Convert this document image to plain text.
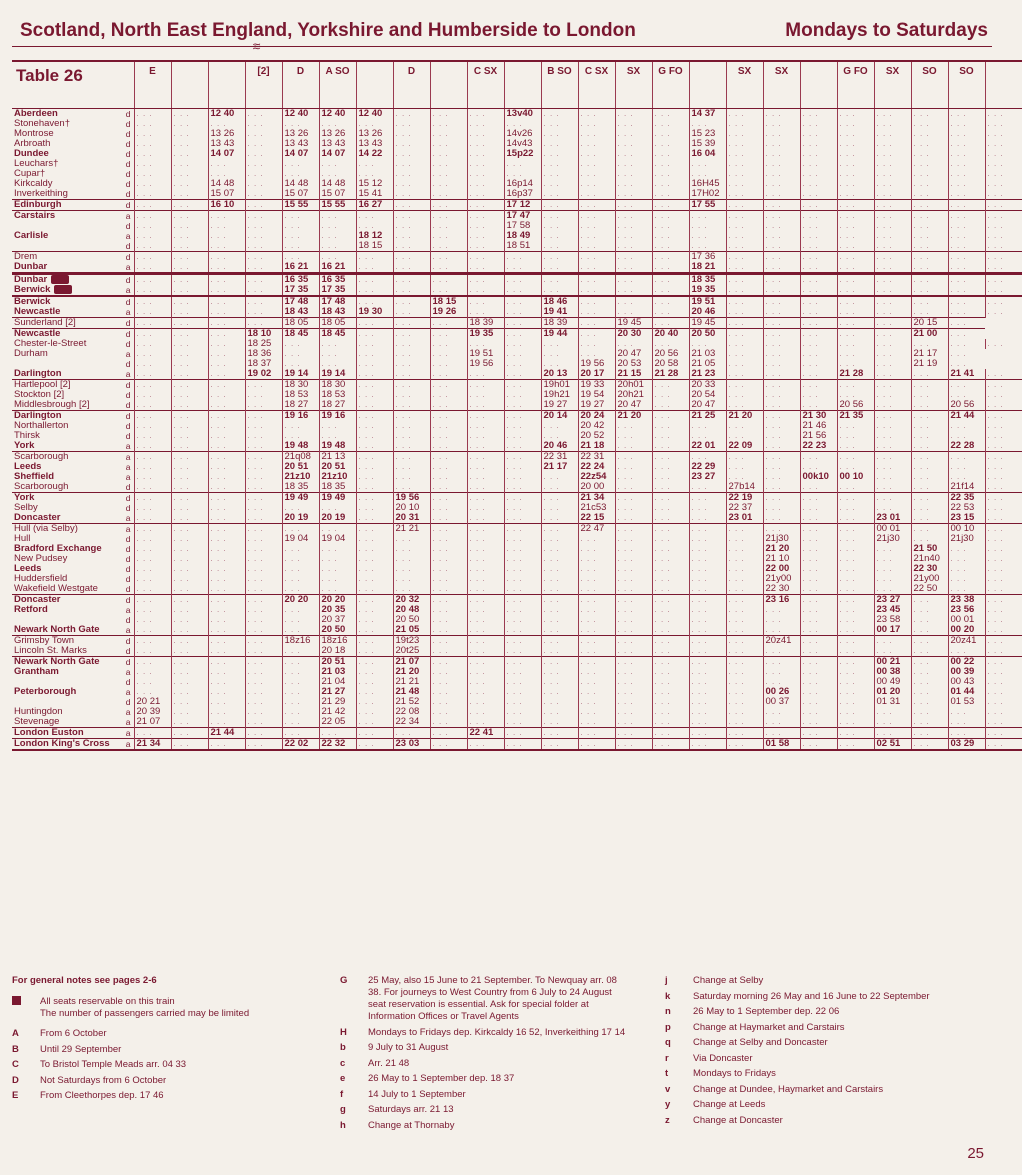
Scotland, North East England, Yorkshire and Humberside to London	Mondays to Saturdays
≋
Table 26	E			[2]	D	A SO		D		C SX		B SO	C SX	SX	G FO		SX	SX		G FO	SX	SO	SO	
Aberdeen d	. . .	. . .	12 40	. . .	12 40	12 40	12 40	. . .	. . .	. . .	13v40	. . .	. . .	. . .	. . .	14 37	. . .	. . .	. . .	. . .	. . .	. . .	. . .	. . .
Stonehaven† d	. . .	. . .	. . .	. . .	. . .	. . .	. . .	. . .	. . .	. . .	. . .	. . .	. . .	. . .	. . .	. . .	. . .	. . .	. . .	. . .	. . .	. . .	. . .	. . .
Montrose d	. . .	. . .	13 26	. . .	13 26	13 26	13 26	. . .	. . .	. . .	14v26	. . .	. . .	. . .	. . .	15 23	. . .	. . .	. . .	. . .	. . .	. . .	. . .	. . .
Arbroath d	. . .	. . .	13 43	. . .	13 43	13 43	13 43	. . .	. . .	. . .	14v43	. . .	. . .	. . .	. . .	15 39	. . .	. . .	. . .	. . .	. . .	. . .	. . .	. . .
Dundee d	. . .	. . .	14 07	. . .	14 07	14 07	14 22	. . .	. . .	. . .	15p22	. . .	. . .	. . .	. . .	16 04	. . .	. . .	. . .	. . .	. . .	. . .	. . .	. . .
Leuchars† d	. . .	. . .	. . .	. . .	. . .	. . .	. . .	. . .	. . .	. . .	. . .	. . .	. . .	. . .	. . .	. . .	. . .	. . .	. . .	. . .	. . .	. . .	. . .	. . .
Cupar† d	. . .	. . .	. . .	. . .	. . .	. . .	. . .	. . .	. . .	. . .	. . .	. . .	. . .	. . .	. . .	. . .	. . .	. . .	. . .	. . .	. . .	. . .	. . .	. . .
Kirkcaldy d	. . .	. . .	14 48	. . .	14 48	14 48	15 12	. . .	. . .	. . .	16p14	. . .	. . .	. . .	. . .	16H45	. . .	. . .	. . .	. . .	. . .	. . .	. . .	. . .
Inverkeithing d	. . .	. . .	15 07	. . .	15 07	15 07	15 41	. . .	. . .	. . .	16p37	. . .	. . .	. . .	. . .	17H02	. . .	. . .	. . .	. . .	. . .	. . .	. . .	. . .
Edinburgh d	. . .	. . .	16 10	. . .	15 55	15 55	16 27	. . .	. . .	. . .	17 12	. . .	. . .	. . .	. . .	17 55	. . .	. . .	. . .	. . .	. . .	. . .	. . .	. . .
Carstairs a	. . .	. . .	. . .	. . .	. . .	. . .	. . .	. . .	. . .	. . .	17 47	. . .	. . .	. . .	. . .	. . .	. . .	. . .	. . .	. . .	. . .	. . .	. . .	. . .

d	. . .	. . .	. . .	. . .	. . .	. . .	. . .	. . .	. . .	. . .	17 58	. . .	. . .	. . .	. . .	. . .	. . .	. . .	. . .	. . .	. . .	. . .	. . .	. . .
Carlisle a	. . .	. . .	. . .	. . .	. . .	. . .	18 12	. . .	. . .	. . .	18 49	. . .	. . .	. . .	. . .	. . .	. . .	. . .	. . .	. . .	. . .	. . .	. . .	. . .

d	. . .	. . .	. . .	. . .	. . .	. . .	18 15	. . .	. . .	. . .	18 51	. . .	. . .	. . .	. . .	. . .	. . .	. . .	. . .	. . .	. . .	. . .	. . .	. . .
Drem d	. . .	. . .	. . .	. . .	. . .	. . .	. . .	. . .	. . .	. . .	. . .	. . .	. . .	. . .	. . .	17 36	. . .	. . .	. . .	. . .	. . .	. . .	. . .	. . .
Dunbar a	. . .	. . .	. . .	. . .	16 21	16 21	. . .	. . .	. . .	. . .	. . .	. . .	. . .	. . .	. . .	18 21	. . .	. . .	. . .	. . .	. . .	. . .	. . .	. . .
Dunbar d	. . .	. . .	. . .	. . .	16 35	16 35	. . .	. . .	. . .	. . .	. . .	. . .	. . .	. . .	. . .	18 35	. . .	. . .	. . .	. . .	. . .	. . .	. . .	. . .
Berwick a	. . .	. . .	. . .	. . .	17 35	17 35	. . .	. . .	. . .	. . .	. . .	. . .	. . .	. . .	. . .	19 35	. . .	. . .	. . .	. . .	. . .	. . .	. . .	. . .
Berwick d	. . .	. . .	. . .	. . .	17 48	17 48	. . .	. . .	18 15	. . .	. . .	18 46	. . .	. . .	. . .	19 51	. . .	. . .	. . .	. . .	. . .	. . .	. . .	. . .
Newcastle a	. . .	. . .	. . .	. . .	18 43	18 43	19 30	. . .	19 26	. . .	. . .	19 41	. . .	. . .	. . .	20 46	. . .	. . .	. . .	. . .	. . .	. . .	. . .	. . .
Sunderland [2] d	. . .	. . .	. . .	. . .	18 05	18 05	. . .	. . .	. . .	18 39	. . .	18 39	. . .	19 45	. . .	19 45	. . .	. . .	. . .	. . .	. . .	20 15	. . .	
Newcastle d	. . .	. . .	. . .	18 10	18 45	18 45	. . .	. . .	. . .	19 35	. . .	19 44	. . .	20 30	20 40	20 50	. . .	. . .	. . .	. . .	. . .	21 00	. . .	
Chester-le-Street d	. . .	. . .	. . .	18 25	. . .	. . .	. . .	. . .	. . .	. . .	. . .	. . .	. . .	. . .	. . .	. . .	. . .	. . .	. . .	. . .	. . .	. . .	. . .	. . .
Durham a	. . .	. . .	. . .	18 36	. . .	. . .	. . .	. . .	. . .	19 51	. . .	. . .	. . .	20 47	20 56	21 03	. . .	. . .	. . .	. . .	. . .	21 17	. . .	

d	. . .	. . .	. . .	18 37	. . .	. . .	. . .	. . .	. . .	19 56	. . .	. . .	19 56	20 53	20 58	21 05	. . .	. . .	. . .	. . .	. . .	21 19	. . .	
Darlington a	. . .	. . .	. . .	19 02	19 14	19 14	. . .	. . .	. . .	. . .	. . .	20 13	20 17	21 15	21 28	21 23	. . .	. . .	. . .	21 28	. . .	. . .	21 41	. . .
Hartlepool [2] d	. . .	. . .	. . .	. . .	18 30	18 30	. . .	. . .	. . .	. . .	. . .	19h01	19 33	20h01	. . .	20 33	. . .	. . .	. . .	. . .	. . .	. . .	. . .	. . .
Stockton [2] d	. . .	. . .	. . .	. . .	18 53	18 53	. . .	. . .	. . .	. . .	. . .	19h21	19 54	20h21	. . .	20 54	. . .	. . .	. . .	. . .	. . .	. . .	. . .	. . .
Middlesbrough [2] d	. . .	. . .	. . .	. . .	18 27	18 27	. . .	. . .	. . .	. . .	. . .	19 27	19 27	20 47	. . .	20 47	. . .	. . .	. . .	20 56	. . .	. . .	20 56	. . .
Darlington d	. . .	. . .	. . .	. . .	19 16	19 16	. . .	. . .	. . .	. . .	. . .	20 14	20 24	21 20	. . .	21 25	21 20	. . .	21 30	21 35	. . .	. . .	21 44	. . .
Northallerton d	. . .	. . .	. . .	. . .	. . .	. . .	. . .	. . .	. . .	. . .	. . .	. . .	20 42	. . .	. . .	. . .	. . .	. . .	21 46	. . .	. . .	. . .	. . .	. . .
Thirsk d	. . .	. . .	. . .	. . .	. . .	. . .	. . .	. . .	. . .	. . .	. . .	. . .	20 52	. . .	. . .	. . .	. . .	. . .	21 56	. . .	. . .	. . .	. . .	. . .
York a	. . .	. . .	. . .	. . .	19 48	19 48	. . .	. . .	. . .	. . .	. . .	20 46	21 18	. . .	. . .	22 01	22 09	. . .	22 23	. . .	. . .	. . .	22 28	. . .
Scarborough a	. . .	. . .	. . .	. . .	21q08	21 13	. . .	. . .	. . .	. . .	. . .	22 31	22 31	. . .	. . .	. . .	. . .	. . .	. . .	. . .	. . .	. . .	. . .	. . .
Leeds a	. . .	. . .	. . .	. . .	20 51	20 51	. . .	. . .	. . .	. . .	. . .	21 17	22 24	. . .	. . .	22 29	. . .	. . .	. . .	. . .	. . .	. . .	. . .	. . .
Sheffield a	. . .	. . .	. . .	. . .	21z10	21z10	. . .	. . .	. . .	. . .	. . .	. . .	22z54	. . .	. . .	23 27	. . .	. . .	00k10	00 10	. . .	. . .	. . .	. . .
Scarborough d	. . .	. . .	. . .	. . .	18 35	18 35	. . .	. . .	. . .	. . .	. . .	. . .	20 00	. . .	. . .	. . .	27b14	. . .	. . .	. . .	. . .	. . .	21f14	. . .
York d	. . .	. . .	. . .	. . .	19 49	19 49	. . .	19 56	. . .	. . .	. . .	. . .	21 34	. . .	. . .	. . .	22 19	. . .	. . .	. . .	. . .	. . .	22 35	. . .
Selby d	. . .	. . .	. . .	. . .	. . .	. . .	. . .	20 10	. . .	. . .	. . .	. . .	21c53	. . .	. . .	. . .	22 37	. . .	. . .	. . .	. . .	. . .	22 53	. . .
Doncaster a	. . .	. . .	. . .	. . .	20 19	20 19	. . .	20 31	. . .	. . .	. . .	. . .	22 15	. . .	. . .	. . .	23 01	. . .	. . .	. . .	23 01	. . .	23 15	. . .
Hull (via Selby) a	. . .	. . .	. . .	. . .	. . .	. . .	. . .	21 21	. . .	. . .	. . .	. . .	22 47	. . .	. . .	. . .	. . .	. . .	. . .	. . .	00 01	. . .	00 10	. . .
Hull d	. . .	. . .	. . .	. . .	19 04	19 04	. . .	. . .	. . .	. . .	. . .	. . .	. . .	. . .	. . .	. . .	. . .	21j30	. . .	. . .	21j30	. . .	21j30	. . .
Bradford Exchange d	. . .	. . .	. . .	. . .	. . .	. . .	. . .	. . .	. . .	. . .	. . .	. . .	. . .	. . .	. . .	. . .	. . .	21 20	. . .	. . .	. . .	21 50	. . .	. . .
New Pudsey d	. . .	. . .	. . .	. . .	. . .	. . .	. . .	. . .	. . .	. . .	. . .	. . .	. . .	. . .	. . .	. . .	. . .	21 10	. . .	. . .	. . .	21n40	. . .	. . .
Leeds d	. . .	. . .	. . .	. . .	. . .	. . .	. . .	. . .	. . .	. . .	. . .	. . .	. . .	. . .	. . .	. . .	. . .	22 00	. . .	. . .	. . .	22 30	. . .	. . .
Huddersfield d	. . .	. . .	. . .	. . .	. . .	. . .	. . .	. . .	. . .	. . .	. . .	. . .	. . .	. . .	. . .	. . .	. . .	21y00	. . .	. . .	. . .	21y00	. . .	. . .
Wakefield Westgate d	. . .	. . .	. . .	. . .	. . .	. . .	. . .	. . .	. . .	. . .	. . .	. . .	. . .	. . .	. . .	. . .	. . .	22 30	. . .	. . .	. . .	22 50	. . .	. . .
Doncaster d	. . .	. . .	. . .	. . .	20 20	20 20	. . .	20 32	. . .	. . .	. . .	. . .	. . .	. . .	. . .	. . .	. . .	23 16	. . .	. . .	23 27	. . .	23 38	. . .
Retford a	. . .	. . .	. . .	. . .	. . .	20 35	. . .	20 48	. . .	. . .	. . .	. . .	. . .	. . .	. . .	. . .	. . .	. . .	. . .	. . .	23 45	. . .	23 56	. . .

d	. . .	. . .	. . .	. . .	. . .	20 37	. . .	20 50	. . .	. . .	. . .	. . .	. . .	. . .	. . .	. . .	. . .	. . .	. . .	. . .	23 58	. . .	00 01	. . .
Newark North Gate a	. . .	. . .	. . .	. . .	. . .	20 50	. . .	21 05	. . .	. . .	. . .	. . .	. . .	. . .	. . .	. . .	. . .	. . .	. . .	. . .	00 17	. . .	00 20	. . .
Grimsby Town d	. . .	. . .	. . .	. . .	18z16	18z16	. . .	19t23	. . .	. . .	. . .	. . .	. . .	. . .	. . .	. . .	. . .	20z41	. . .	. . .	. . .	. . .	20z41	. . .
Lincoln St. Marks d	. . .	. . .	. . .	. . .	. . .	20 18	. . .	20t25	. . .	. . .	. . .	. . .	. . .	. . .	. . .	. . .	. . .	. . .	. . .	. . .	. . .	. . .	. . .	. . .
Newark North Gate d	. . .	. . .	. . .	. . .	. . .	20 51	. . .	21 07	. . .	. . .	. . .	. . .	. . .	. . .	. . .	. . .	. . .	. . .	. . .	. . .	00 21	. . .	00 22	. . .
Grantham a	. . .	. . .	. . .	. . .	. . .	21 03	. . .	21 20	. . .	. . .	. . .	. . .	. . .	. . .	. . .	. . .	. . .	. . .	. . .	. . .	00 38	. . .	00 39	. . .

d	. . .	. . .	. . .	. . .	. . .	21 04	. . .	21 21	. . .	. . .	. . .	. . .	. . .	. . .	. . .	. . .	. . .	. . .	. . .	. . .	00 49	. . .	00 43	. . .
Peterborough a	. . .	. . .	. . .	. . .	. . .	21 27	. . .	21 48	. . .	. . .	. . .	. . .	. . .	. . .	. . .	. . .	. . .	00 26	. . .	. . .	01 20	. . .	01 44	. . .

d	20 21	. . .	. . .	. . .	. . .	21 29	. . .	21 52	. . .	. . .	. . .	. . .	. . .	. . .	. . .	. . .	. . .	00 37	. . .	. . .	01 31	. . .	01 53	. . .
Huntingdon a	20 39	. . .	. . .	. . .	. . .	21 42	. . .	22 08	. . .	. . .	. . .	. . .	. . .	. . .	. . .	. . .	. . .	. . .	. . .	. . .	. . .	. . .	. . .	. . .
Stevenage a	21 07	. . .	. . .	. . .	. . .	22 05	. . .	22 34	. . .	. . .	. . .	. . .	. . .	. . .	. . .	. . .	. . .	. . .	. . .	. . .	. . .	. . .	. . .	. . .
London Euston a	. . .	. . .	21 44	. . .	. . .	. . .	. . .	. . .	. . .	22 41	. . .	. . .	. . .	. . .	. . .	. . .	. . .	. . .	. . .	. . .	. . .	. . .	. . .	. . .
London King's Cross a	21 34	. . .	. . .	. . .	22 02	22 32	. . .	23 03	. . .	. . .	. . .	. . .	. . .	. . .	. . .	. . .	. . .	01 58	. . .	. . .	02 51	. . .	03 29	. . .
For general notes see pages 2-6
All seats reservable on this train
The number of passengers carried may be limited
A	From 6 October
B	Until 29 September
C	To Bristol Temple Meads arr. 04 33
D	Not Saturdays from 6 October
E	From Cleethorpes dep. 17 46
G	25 May, also 15 June to 21 September. To Newquay arr. 08 38. For journeys to West Country from 6 July to 24 August seat reservation is essential. Ask for special folder at Information Offices or Travel Agents
H	Mondays to Fridays dep. Kirkcaldy 16 52, Inverkeithing 17 14
b	9 July to 31 August
c	Arr. 21 48
e	26 May to 1 September dep. 18 37
f	14 July to 1 September
g	Saturdays arr. 21 13
h	Change at Thornaby
j	Change at Selby
k	Saturday morning 26 May and 16 June to 22 September
n	26 May to 1 September dep. 22 06
p	Change at Haymarket and Carstairs
q	Change at Selby and Doncaster
r	Via Doncaster
t	Mondays to Fridays
v	Change at Dundee, Haymarket and Carstairs
y	Change at Leeds
z	Change at Doncaster
25
